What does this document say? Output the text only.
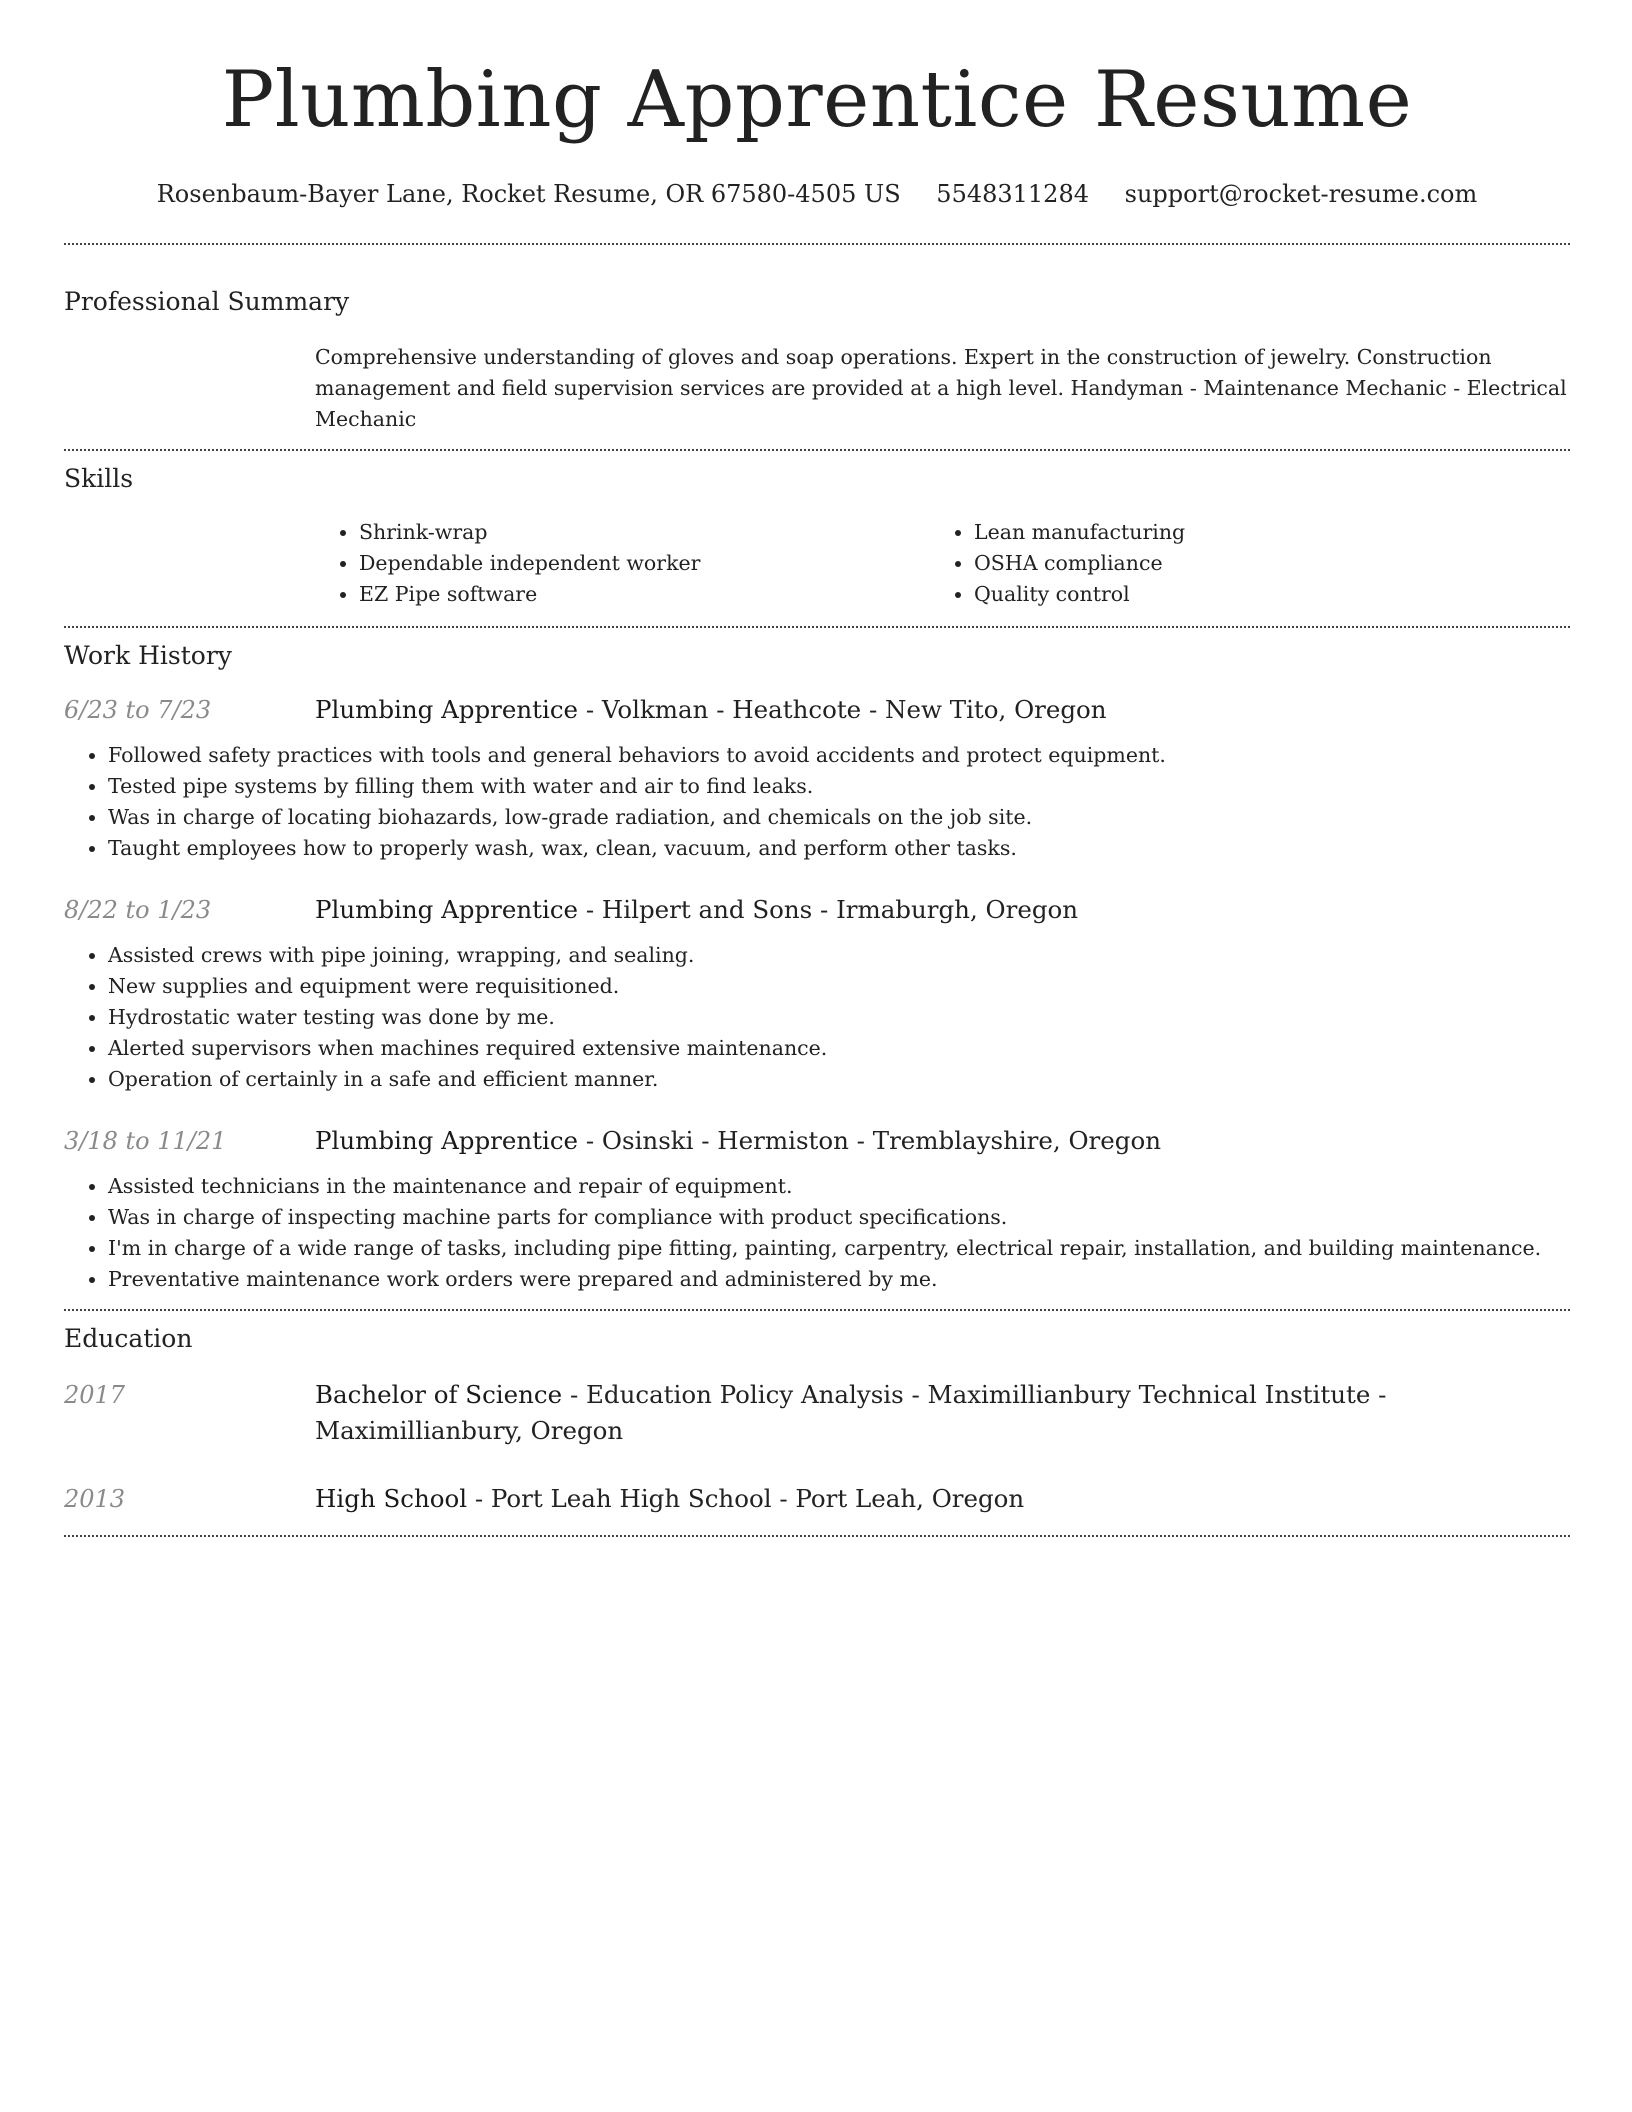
Plumbing Apprentice Resume
Rosenbaum-Bayer Lane, Rocket Resume, OR 67580-4505 US 5548311284 support@rocket-resume.com
Professional Summary

Comprehensive understanding of gloves and soap operations. Expert in the construction of jewelry. Construction management and field supervision services are provided at a high level. Handyman - Maintenance Mechanic - Electrical Mechanic

Skills
• Shrink-wrap
• Dependable independent worker
• EZ Pipe software
• Lean manufacturing
• OSHA compliance
• Quality control
Work History
6/23 to 7/23	Plumbing Apprentice - Volkman - Heathcote - New Tito, Oregon
• Followed safety practices with tools and general behaviors to avoid accidents and protect equipment.
• Tested pipe systems by filling them with water and air to find leaks.
• Was in charge of locating biohazards, low-grade radiation, and chemicals on the job site.
• Taught employees how to properly wash, wax, clean, vacuum, and perform other tasks.
8/22 to 1/23	Plumbing Apprentice - Hilpert and Sons - Irmaburgh, Oregon
• Assisted crews with pipe joining, wrapping, and sealing.
• New supplies and equipment were requisitioned.
• Hydrostatic water testing was done by me.
• Alerted supervisors when machines required extensive maintenance.
• Operation of certainly in a safe and efficient manner.
3/18 to 11/21	Plumbing Apprentice - Osinski - Hermiston - Tremblayshire, Oregon
• Assisted technicians in the maintenance and repair of equipment.
• Was in charge of inspecting machine parts for compliance with product specifications.
• I'm in charge of a wide range of tasks, including pipe fitting, painting, carpentry, electrical repair, installation, and building maintenance.
• Preventative maintenance work orders were prepared and administered by me.
Education
2017	Bachelor of Science - Education Policy Analysis - Maximillianbury Technical Institute - Maximillianbury, Oregon
2013	High School - Port Leah High School - Port Leah, Oregon
